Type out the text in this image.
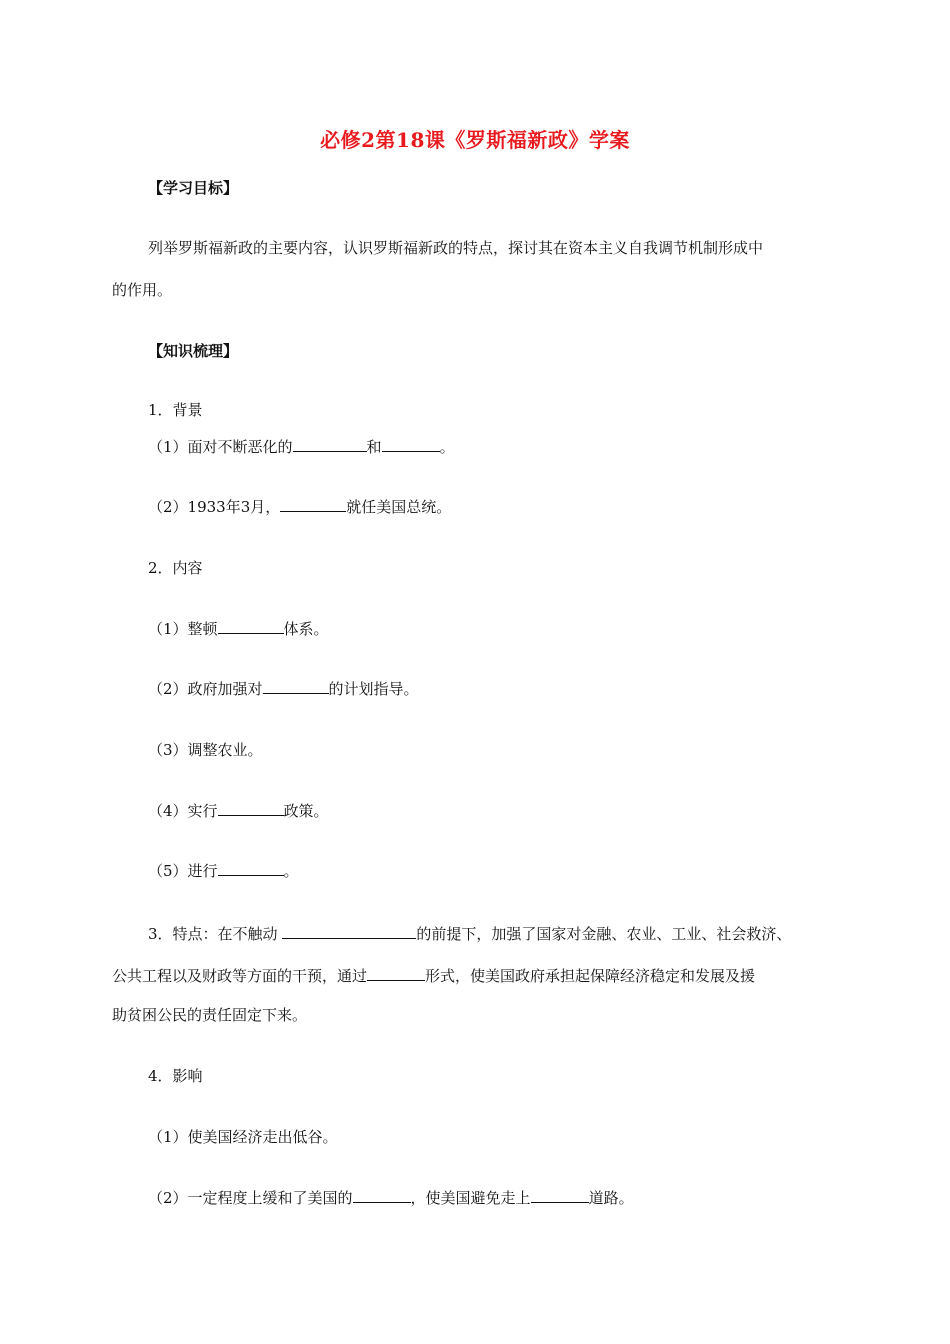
必修2第18课《罗斯福新政》学案
【学习目标】
列举罗斯福新政的主要内容，认识罗斯福新政的特点，探讨其在资本主义自我调节机制形成中
的作用。
【知识梳理】
1．背景
（1）面对不断恶化的	和	。
（2）1933年3月，	就任美国总统。
2．内容
（1）整顿	体系。
（2）政府加强对	的计划指导。
（3）调整农业。
（4）实行	政策。
（5）进行	。
3．特点：在不触动	的前提下，加强了国家对金融、农业、工业、社会救济、
公共工程以及财政等方面的干预，通过	形式，使美国政府承担起保障经济稳定和发展及援
助贫困公民的责任固定下来。
4．影响
（1）使美国经济走出低谷。
（2）一定程度上缓和了美国的	，使美国避免走上	道路。
